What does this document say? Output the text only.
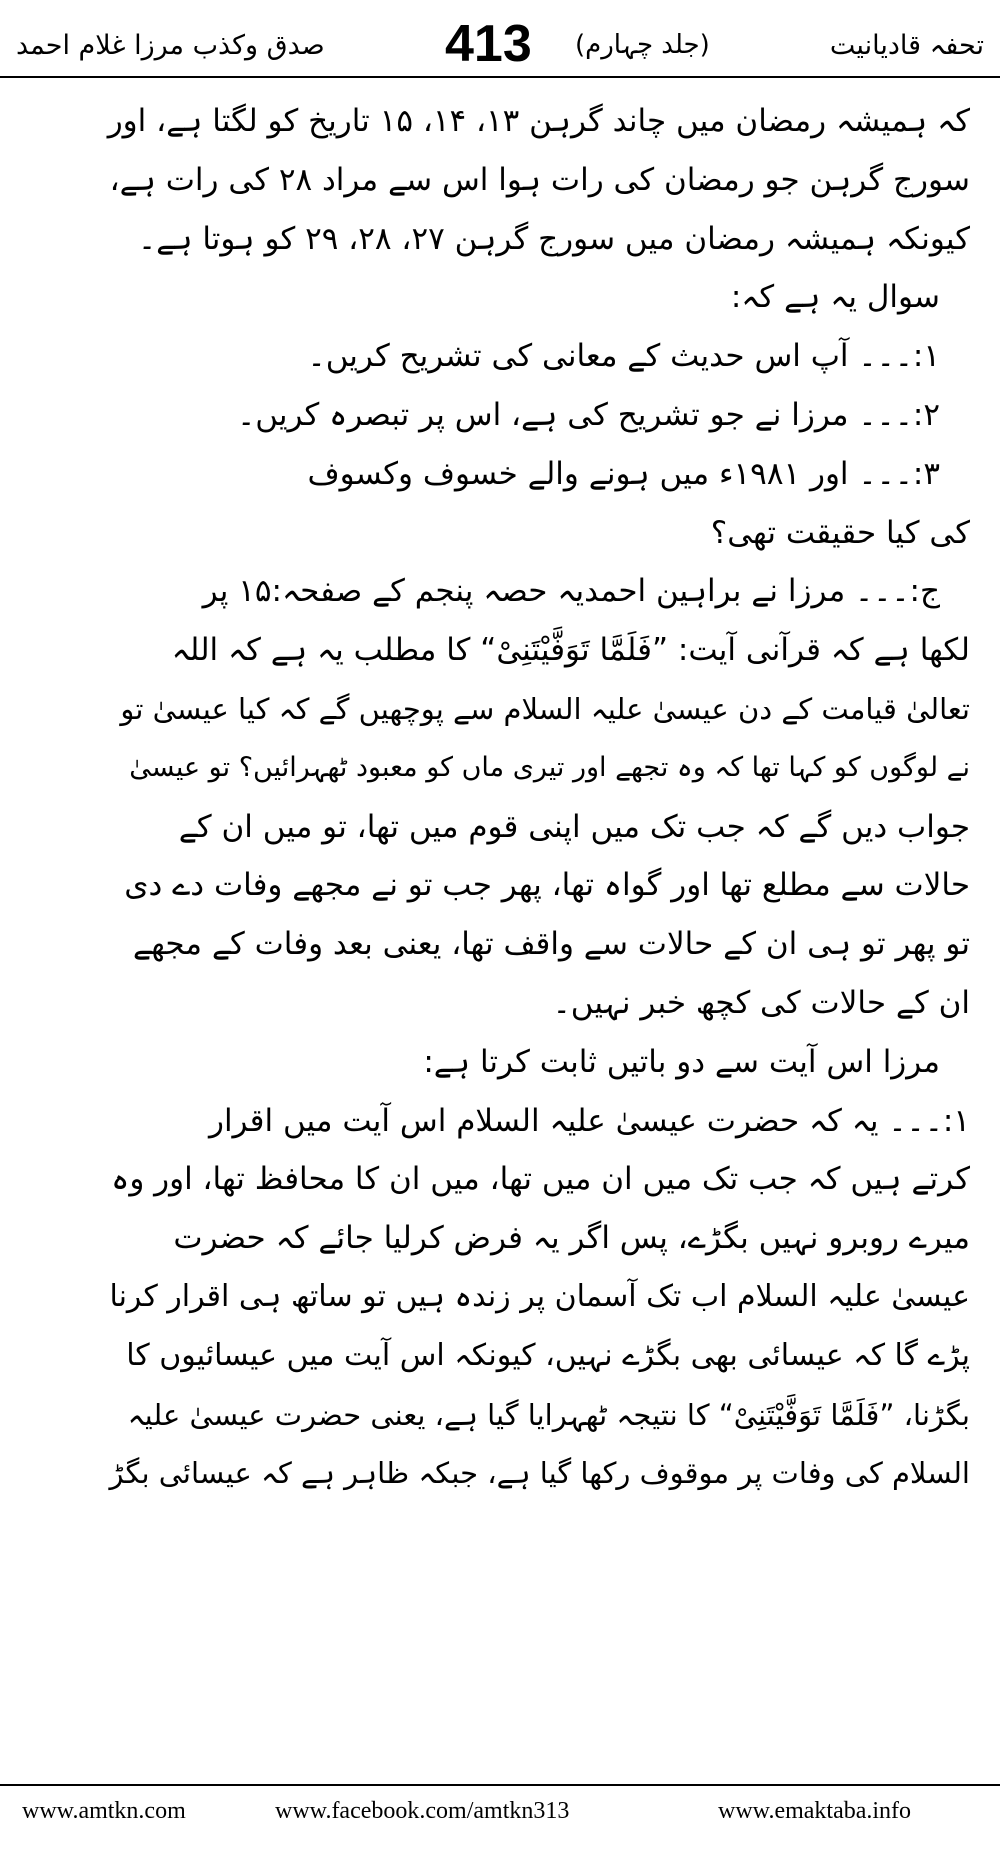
صدق وکذب مرزا غلام احمد 413 (جلد چہارم)	تحفہ قادیانیت
کہ ہمیشہ رمضان میں چاند گرہن ۱۳، ۱۴، ۱۵ تاریخ کو لگتا ہے، اور
سورج گرہن جو رمضان کی رات ہوا اس سے مراد ۲۸ کی رات ہے،
کیونکہ ہمیشہ رمضان میں سورج گرہن ۲۷، ۲۸، ۲۹ کو ہوتا ہے۔
سوال یہ ہے کہ:
۱:۔۔۔ آپ اس حدیث کے معانی کی تشریح کریں۔
۲:۔۔۔ مرزا نے جو تشریح کی ہے، اس پر تبصرہ کریں۔
۳:۔۔۔ اور ۱۹۸۱ء میں ہونے والے خسوف وکسوف
کی کیا حقیقت تھی؟
ج:۔۔۔ مرزا نے براہین احمدیہ حصہ پنجم کے صفحہ:۱۵ پر
لکھا ہے کہ قرآنی آیت: ”فَلَمَّا تَوَفَّیْتَنِیْ“ کا مطلب یہ ہے کہ اللہ
تعالیٰ قیامت کے دن عیسیٰ علیہ السلام سے پوچھیں گے کہ کیا عیسیٰ تو
نے لوگوں کو کہا تھا کہ وہ تجھے اور تیری ماں کو معبود ٹھہرائیں؟ تو عیسیٰ
جواب دیں گے کہ جب تک میں اپنی قوم میں تھا، تو میں ان کے
حالات سے مطلع تھا اور گواہ تھا، پھر جب تو نے مجھے وفات دے دی
تو پھر تو ہی ان کے حالات سے واقف تھا، یعنی بعد وفات کے مجھے
ان کے حالات کی کچھ خبر نہیں۔
مرزا اس آیت سے دو باتیں ثابت کرتا ہے:
۱:۔۔۔ یہ کہ حضرت عیسیٰ علیہ السلام اس آیت میں اقرار
کرتے ہیں کہ جب تک میں ان میں تھا، میں ان کا محافظ تھا، اور وہ
میرے روبرو نہیں بگڑے، پس اگر یہ فرض کرلیا جائے کہ حضرت
عیسیٰ علیہ السلام اب تک آسمان پر زندہ ہیں تو ساتھ ہی اقرار کرنا
پڑے گا کہ عیسائی بھی بگڑے نہیں، کیونکہ اس آیت میں عیسائیوں کا
بگڑنا، ”فَلَمَّا تَوَفَّیْتَنِیْ“ کا نتیجہ ٹھہرایا گیا ہے، یعنی حضرت عیسیٰ علیہ
السلام کی وفات پر موقوف رکھا گیا ہے، جبکہ ظاہر ہے کہ عیسائی بگڑ
www.amtkn.com	www.facebook.com/amtkn313	www.emaktaba.info
